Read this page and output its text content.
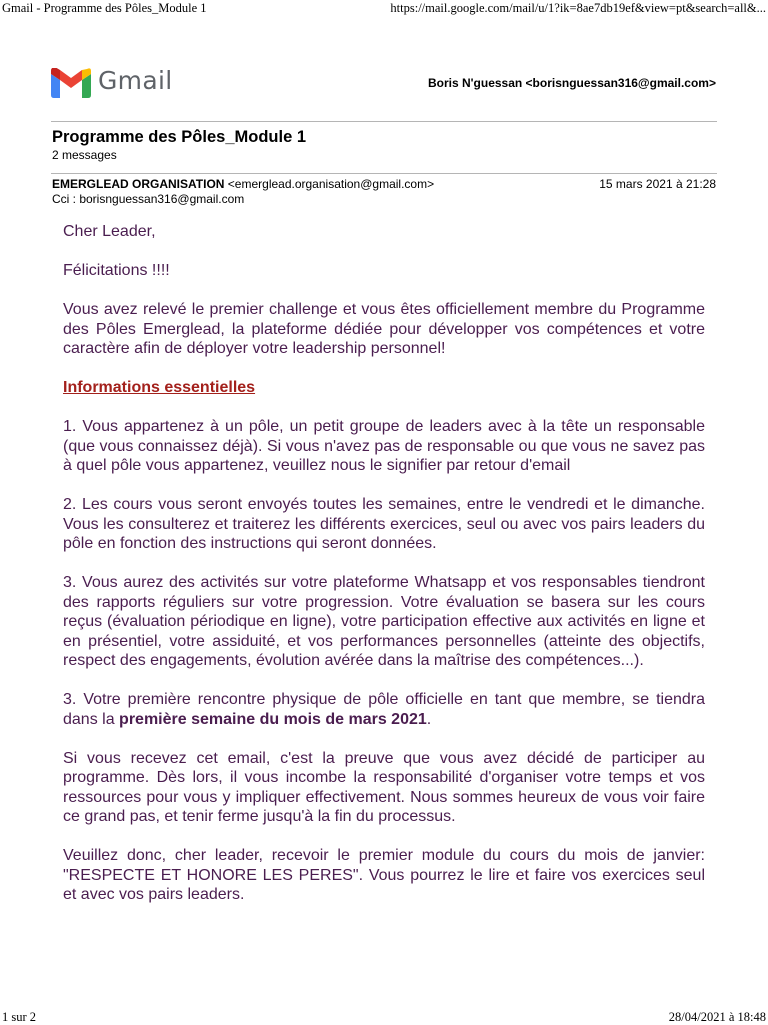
Gmail - Programme des Pôles_Module 1	https://mail.google.com/mail/u/1?ik=8ae7db19ef&view=pt&search=all&...
Gmail	Boris N'guessan <borisnguessan316@gmail.com>
Programme des Pôles_Module 1
2 messages
EMERGLEAD ORGANISATION <emerglead.organisation@gmail.com>	15 mars 2021 à 21:28
Cci : borisnguessan316@gmail.com

Cher Leader,

Félicitations !!!!

Vous avez relevé le premier challenge et vous êtes officiellement membre du Programme des Pôles Emerglead, la plateforme dédiée pour développer vos compétences et votre caractère afin de déployer votre leadership personnel!

Informations essentielles

1. Vous appartenez à un pôle, un petit groupe de leaders avec à la tête un responsable (que vous connaissez déjà). Si vous n'avez pas de responsable ou que vous ne savez pas à quel pôle vous appartenez, veuillez nous le signifier par retour d'email

2. Les cours vous seront envoyés toutes les semaines, entre le vendredi et le dimanche. Vous les consulterez et traiterez les différents exercices, seul ou avec vos pairs leaders du pôle en fonction des instructions qui seront données.

3. Vous aurez des activités sur votre plateforme Whatsapp et vos responsables tiendront des rapports réguliers sur votre progression. Votre évaluation se basera sur les cours reçus (évaluation périodique en ligne), votre participation effective aux activités en ligne et en présentiel, votre assiduité, et vos performances personnelles (atteinte des objectifs, respect des engagements, évolution avérée dans la maîtrise des compétences...).

3. Votre première rencontre physique de pôle officielle en tant que membre, se tiendra dans la première semaine du mois de mars 2021.

Si vous recevez cet email, c'est la preuve que vous avez décidé de participer au programme. Dès lors, il vous incombe la responsabilité d'organiser votre temps et vos ressources pour vous y impliquer effectivement. Nous sommes heureux de vous voir faire ce grand pas, et tenir ferme jusqu'à la fin du processus.

Veuillez donc, cher leader, recevoir le premier module du cours du mois de janvier: "RESPECTE ET HONORE LES PERES". Vous pourrez le lire et faire vos exercices seul et avec vos pairs leaders.

1 sur 2	28/04/2021 à 18:48
